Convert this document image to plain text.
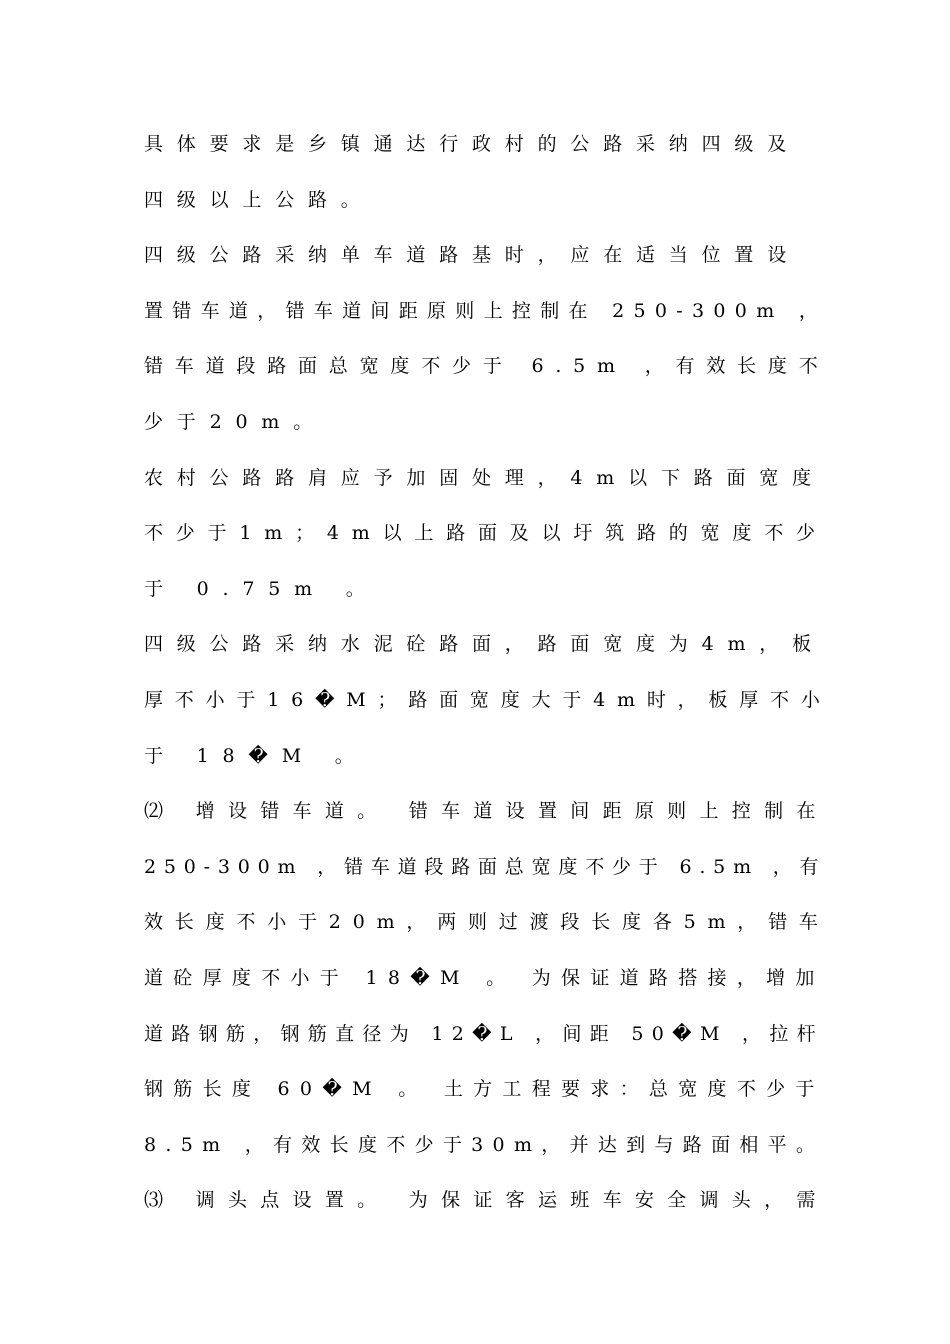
具体要求是乡镇通达行政村的公路采纳四级及
四级以上公路。
四级公路采纳单车道路基时，应在适当位置设
置错车道，错车道间距原则上控制在 250-300m ，
错车道段路面总宽度不少于 6.5m ，有效长度不
少于20m。
农村公路路肩应予加固处理，4m以下路面宽度
不少于1m；4m以上路面及以圩筑路的宽度不少
于 0.75m 。
四级公路采纳水泥砼路面，路面宽度为4m，板
厚不小于16�M；路面宽度大于4m时，板厚不小
于 18�M 。
⑵ 增设错车道。 错车道设置间距原则上控制在
250-300m ，错车道段路面总宽度不少于 6.5m ，有
效长度不小于20m，两则过渡段长度各5m，错车
道砼厚度不小于 18�M 。 为保证道路搭接，增加
道路钢筋，钢筋直径为 12�L ，间距 50�M ，拉杆
钢筋长度 60�M 。 土方工程要求：总宽度不少于
8.5m ，有效长度不少于30m，并达到与路面相平。
⑶ 调头点设置。 为保证客运班车安全调头，需
